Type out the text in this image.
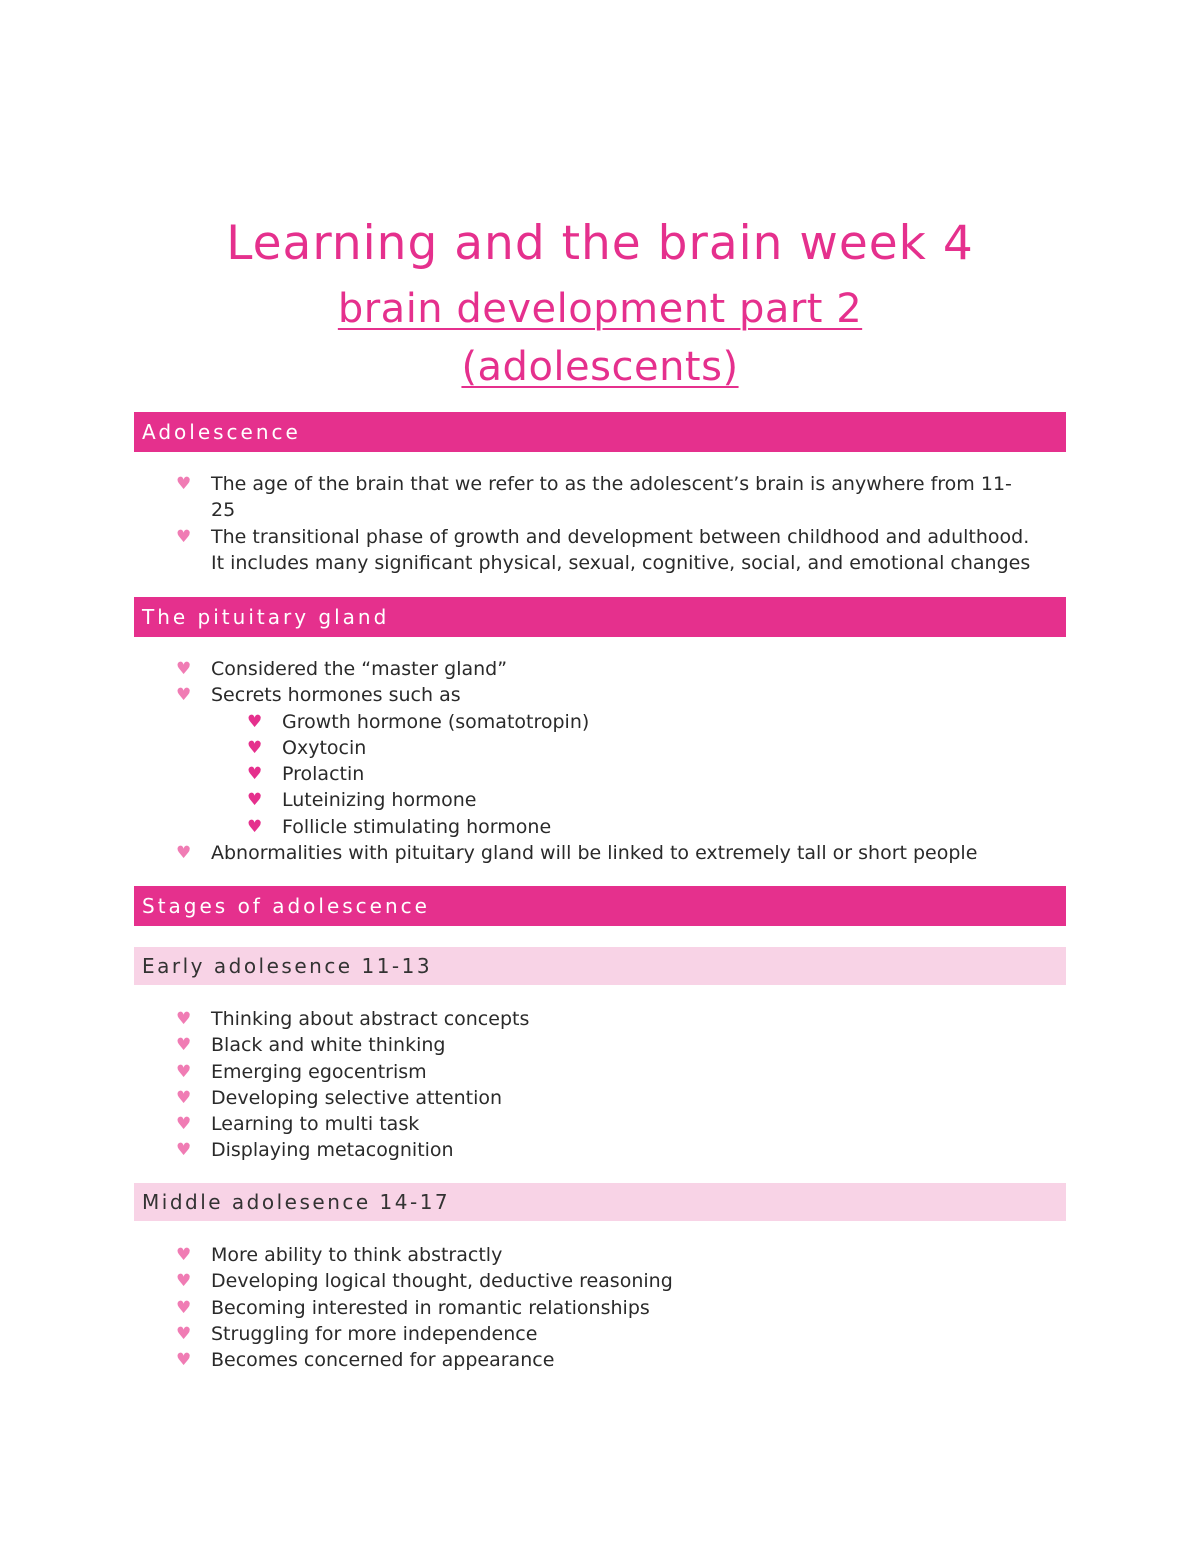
Learning and the brain week 4
brain development part 2
(adolescents)
Adolescence
♥ The age of the brain that we refer to as the adolescent’s brain is anywhere from 11-
25
♥ The transitional phase of growth and development between childhood and adulthood.
It includes many significant physical, sexual, cognitive, social, and emotional changes
The pituitary gland
♥ Considered the “master gland”
♥ Secrets hormones such as
♥ Growth hormone (somatotropin)
♥ Oxytocin
♥ Prolactin
♥ Luteinizing hormone
♥ Follicle stimulating hormone
♥ Abnormalities with pituitary gland will be linked to extremely tall or short people
Stages of adolescence
Early adolesence 11-13
♥ Thinking about abstract concepts
♥ Black and white thinking
♥ Emerging egocentrism
♥ Developing selective attention
♥ Learning to multi task
♥ Displaying metacognition
Middle adolesence 14-17
♥ More ability to think abstractly
♥ Developing logical thought, deductive reasoning
♥ Becoming interested in romantic relationships
♥ Struggling for more independence
♥ Becomes concerned for appearance
